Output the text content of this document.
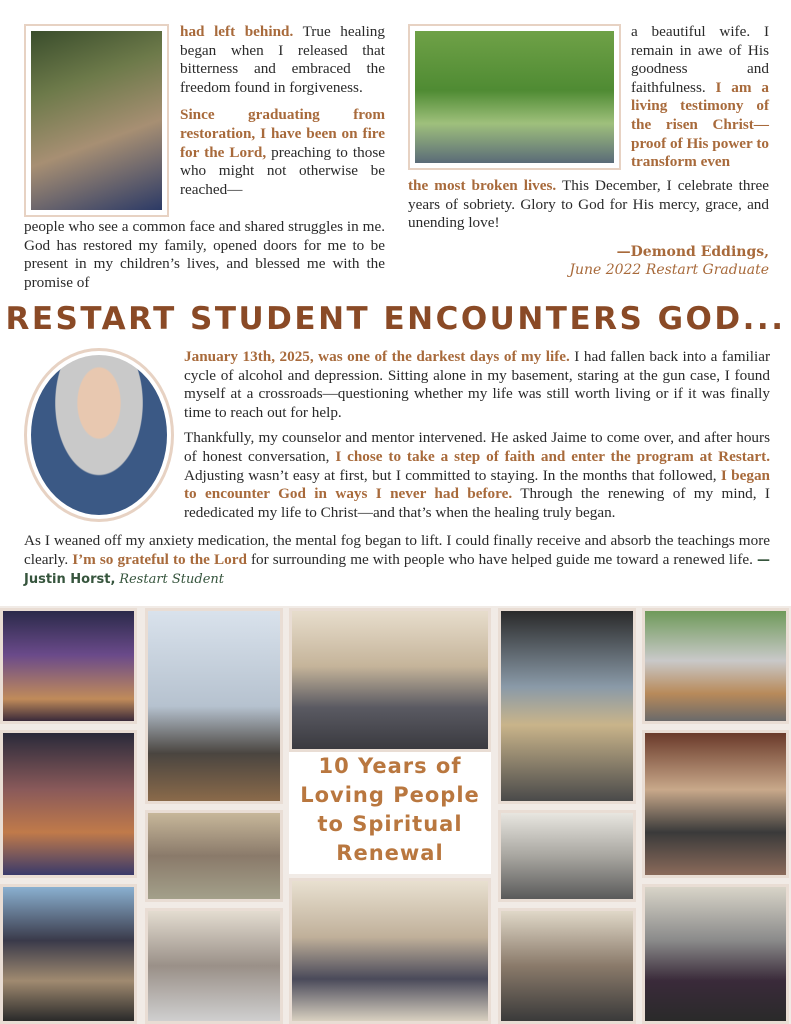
had left behind. True healing began when I released that bitterness and embraced the freedom found in forgiveness.
Since graduating from restoration, I have been on fire for the Lord, preaching to those who might not otherwise be reached—
people who see a common face and shared struggles in me. God has restored my family, opened doors for me to be present in my children’s lives, and blessed me with the promise of
a beautiful wife. I remain in awe of His goodness and faithfulness. I am a living testimony of the risen Christ—proof of His power to transform even
the most broken lives. This December, I celebrate three years of sobriety. Glory to God for His mercy, grace, and unending love!
—Demond Eddings,
June 2022 Restart Graduate
RESTART STUDENT ENCOUNTERS GOD...

January 13th, 2025, was one of the darkest days of my life. I had fallen back into a familiar cycle of alcohol and depression. Sitting alone in my basement, staring at the gun case, I found myself at a crossroads—questioning whether my life was still worth living or if it was finally time to reach out for help.

Thankfully, my counselor and mentor intervened. He asked Jaime to come over, and after hours of honest conversation, I chose to take a step of faith and enter the program at Restart. Adjusting wasn’t easy at first, but I committed to staying. In the months that followed, I began to encounter God in ways I never had before. Through the renewing of my mind, I rededicated my life to Christ—and that’s when the healing truly began.

As I weaned off my anxiety medication, the mental fog began to lift. I could finally receive and absorb the teachings more clearly. I’m so grateful to the Lord for surrounding me with people who have helped guide me toward a renewed life. —Justin Horst, Restart Student
10 Years of
Loving People
to Spiritual
Renewal
